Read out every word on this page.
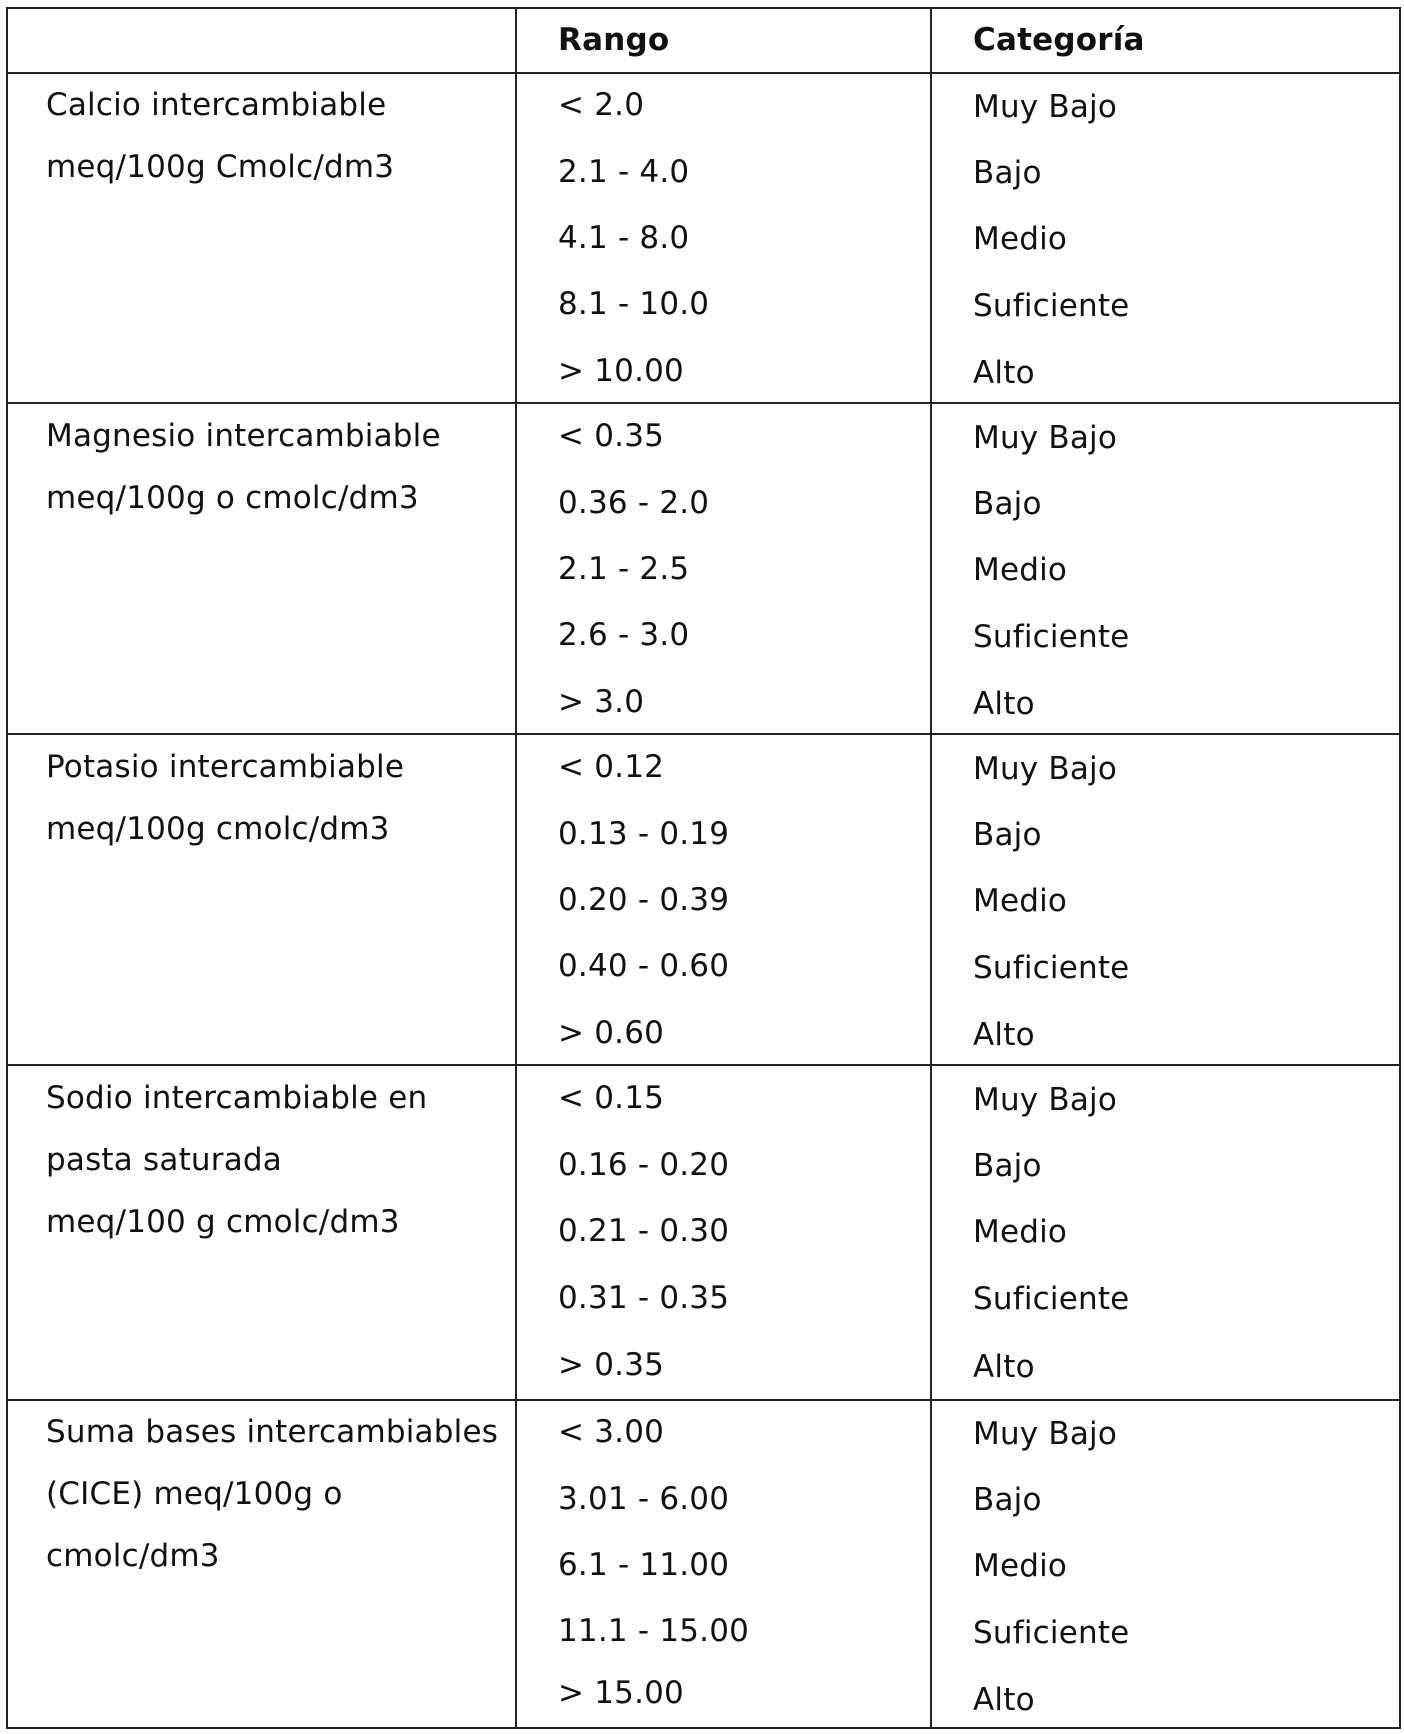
Rango	Categoría
Calcio intercambiable
meq/100g Cmolc/dm3
< 2.0
2.1 - 4.0
4.1 - 8.0
8.1 - 10.0
> 10.00
Muy Bajo
Bajo
Medio
Suficiente
Alto
Magnesio intercambiable
meq/100g o cmolc/dm3
< 0.35
0.36 - 2.0
2.1 - 2.5
2.6 - 3.0
> 3.0
Muy Bajo
Bajo
Medio
Suficiente
Alto
Potasio intercambiable
meq/100g cmolc/dm3
< 0.12
0.13 - 0.19
0.20 - 0.39
0.40 - 0.60
> 0.60
Muy Bajo
Bajo
Medio
Suficiente
Alto
Sodio intercambiable en
pasta saturada
meq/100 g cmolc/dm3
< 0.15
0.16 - 0.20
0.21 - 0.30
0.31 - 0.35
> 0.35
Muy Bajo
Bajo
Medio
Suficiente
Alto
Suma bases intercambiables
(CICE) meq/100g o
cmolc/dm3
< 3.00
3.01 - 6.00
6.1 - 11.00
11.1 - 15.00
> 15.00
Muy Bajo
Bajo
Medio
Suficiente
Alto
